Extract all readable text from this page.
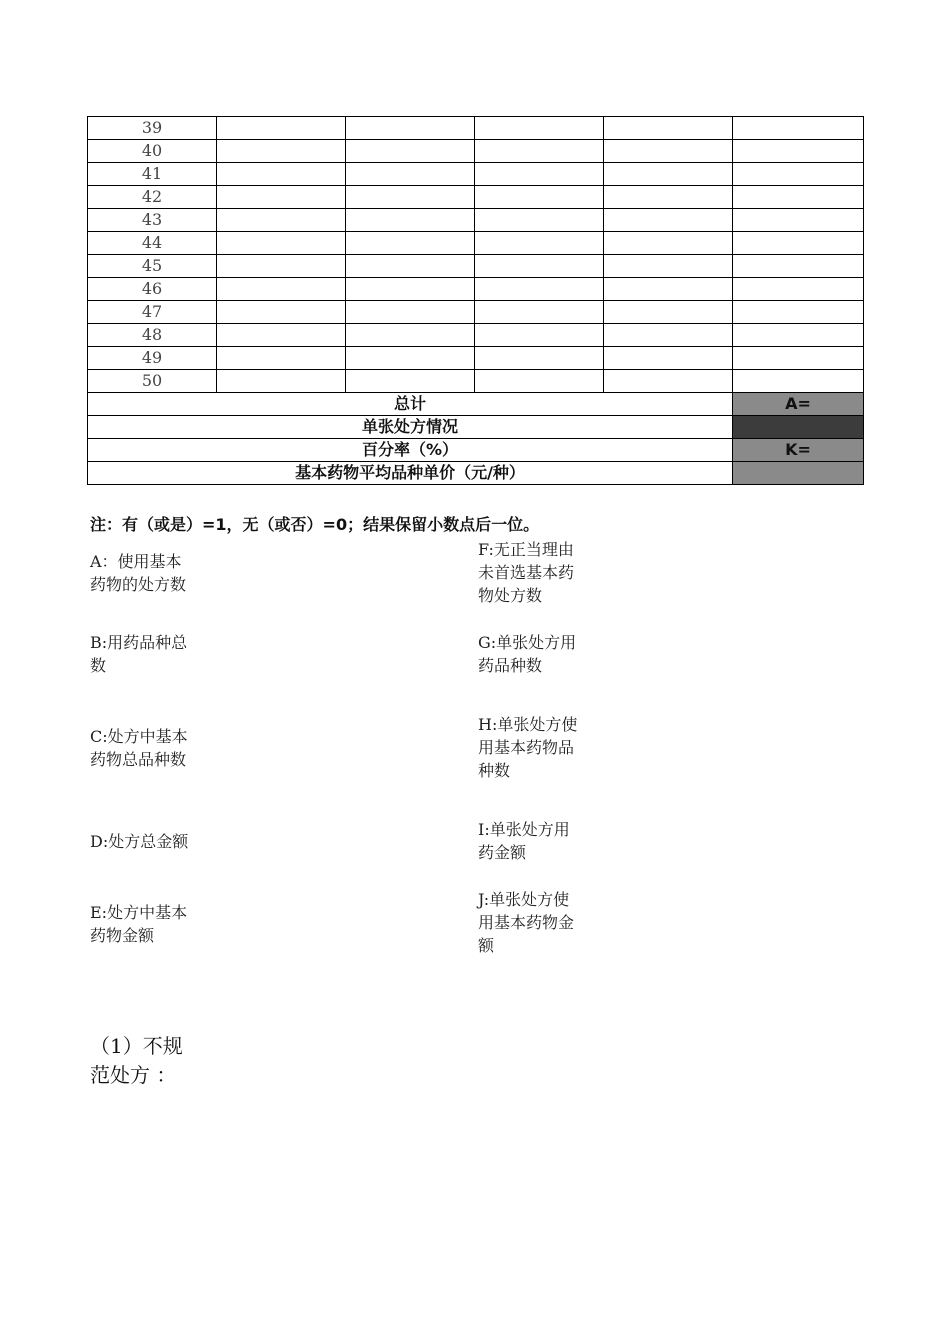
39					
40					
41					
42					
43					
44					
45					
46					
47					
48					
49					
50					
总计					A=
单张处方情况					
百分率（%）					K=
基本药物平均品种单价（元/种）					
注：有（或是）=1，无（或否）=0；结果保留小数点后一位。
A：使用基本
药物的处方数
B:用药品种总
数
C:处方中基本
药物总品种数
D:处方总金额
E:处方中基本
药物金额
F:无正当理由
未首选基本药
物处方数
G:单张处方用
药品种数
H:单张处方使
用基本药物品
种数
I:单张处方用
药金额
J:单张处方使
用基本药物金
额
（1）不规
范处方 ：
